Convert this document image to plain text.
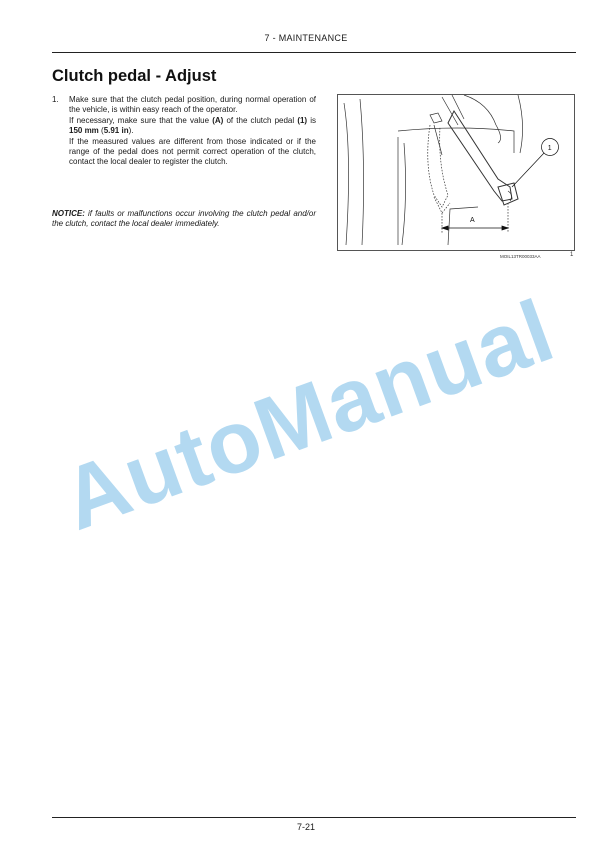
7 - MAINTENANCE
Clutch pedal - Adjust
1.	Make sure that the clutch pedal position, during normal operation of the vehicle, is within easy reach of the operator.

If necessary, make sure that the value (A) of the clutch pedal (1) is 150 mm (5.91 in).

If the measured values are different from those indicated or if the range of the pedal does not permit correct operation of the clutch, contact the local dealer to register the clutch.

NOTICE: if faults or malfunctions occur involving the clutch pedal and/or the clutch, contact the local dealer immediately.	A
1
MOIL13TR00033AA	1
AutoManual
7-21
